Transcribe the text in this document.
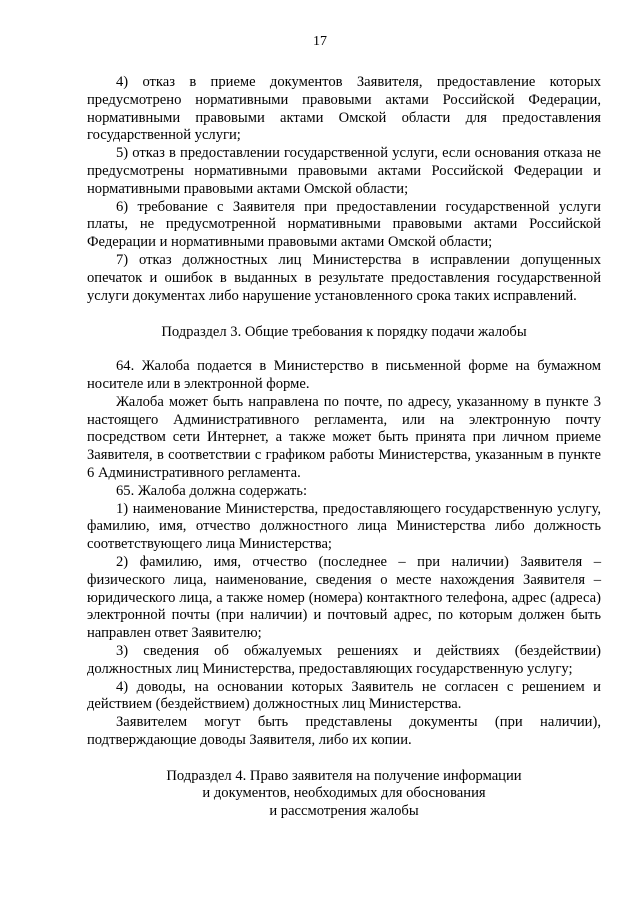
17

4) отказ в приеме документов Заявителя, предоставление которых предусмотрено нормативными правовыми актами Российской Федерации, нормативными правовыми актами Омской области для предоставления государственной услуги;

5) отказ в предоставлении государственной услуги, если основания отказа не предусмотрены нормативными правовыми актами Российской Федерации и нормативными правовыми актами Омской области;

6) требование с Заявителя при предоставлении государственной услуги платы, не предусмотренной нормативными правовыми актами Российской Федерации и нормативными правовыми актами Омской области;

7) отказ должностных лиц Министерства в исправлении допущенных опечаток и ошибок в выданных в результате предоставления государственной услуги документах либо нарушение установленного срока таких исправлений.

Подраздел 3. Общие требования к порядку подачи жалобы

64. Жалоба подается в Министерство в письменной форме на бумажном носителе или в электронной форме.

Жалоба может быть направлена по почте, по адресу, указанному в пункте 3 настоящего Административного регламента, или на электронную почту посредством сети Интернет, а также может быть принята при личном приеме Заявителя, в соответствии с графиком работы Министерства, указанным в пункте 6 Административного регламента.

65. Жалоба должна содержать:

1) наименование Министерства, предоставляющего государственную услугу, фамилию, имя, отчество должностного лица Министерства либо должность соответствующего лица Министерства;

2) фамилию, имя, отчество (последнее – при наличии) Заявителя – физического лица, наименование, сведения о месте нахождения Заявителя – юридического лица, а также номер (номера) контактного телефона, адрес (адреса) электронной почты (при наличии) и почтовый адрес, по которым должен быть направлен ответ Заявителю;

3) сведения об обжалуемых решениях и действиях (бездействии) должностных лиц Министерства, предоставляющих государственную услугу;

4) доводы, на основании которых Заявитель не согласен с решением и действием (бездействием) должностных лиц Министерства.

Заявителем могут быть представлены документы (при наличии), подтверждающие доводы Заявителя, либо их копии.

Подраздел 4. Право заявителя на получение информации
и документов, необходимых для обоснования
и рассмотрения жалобы
